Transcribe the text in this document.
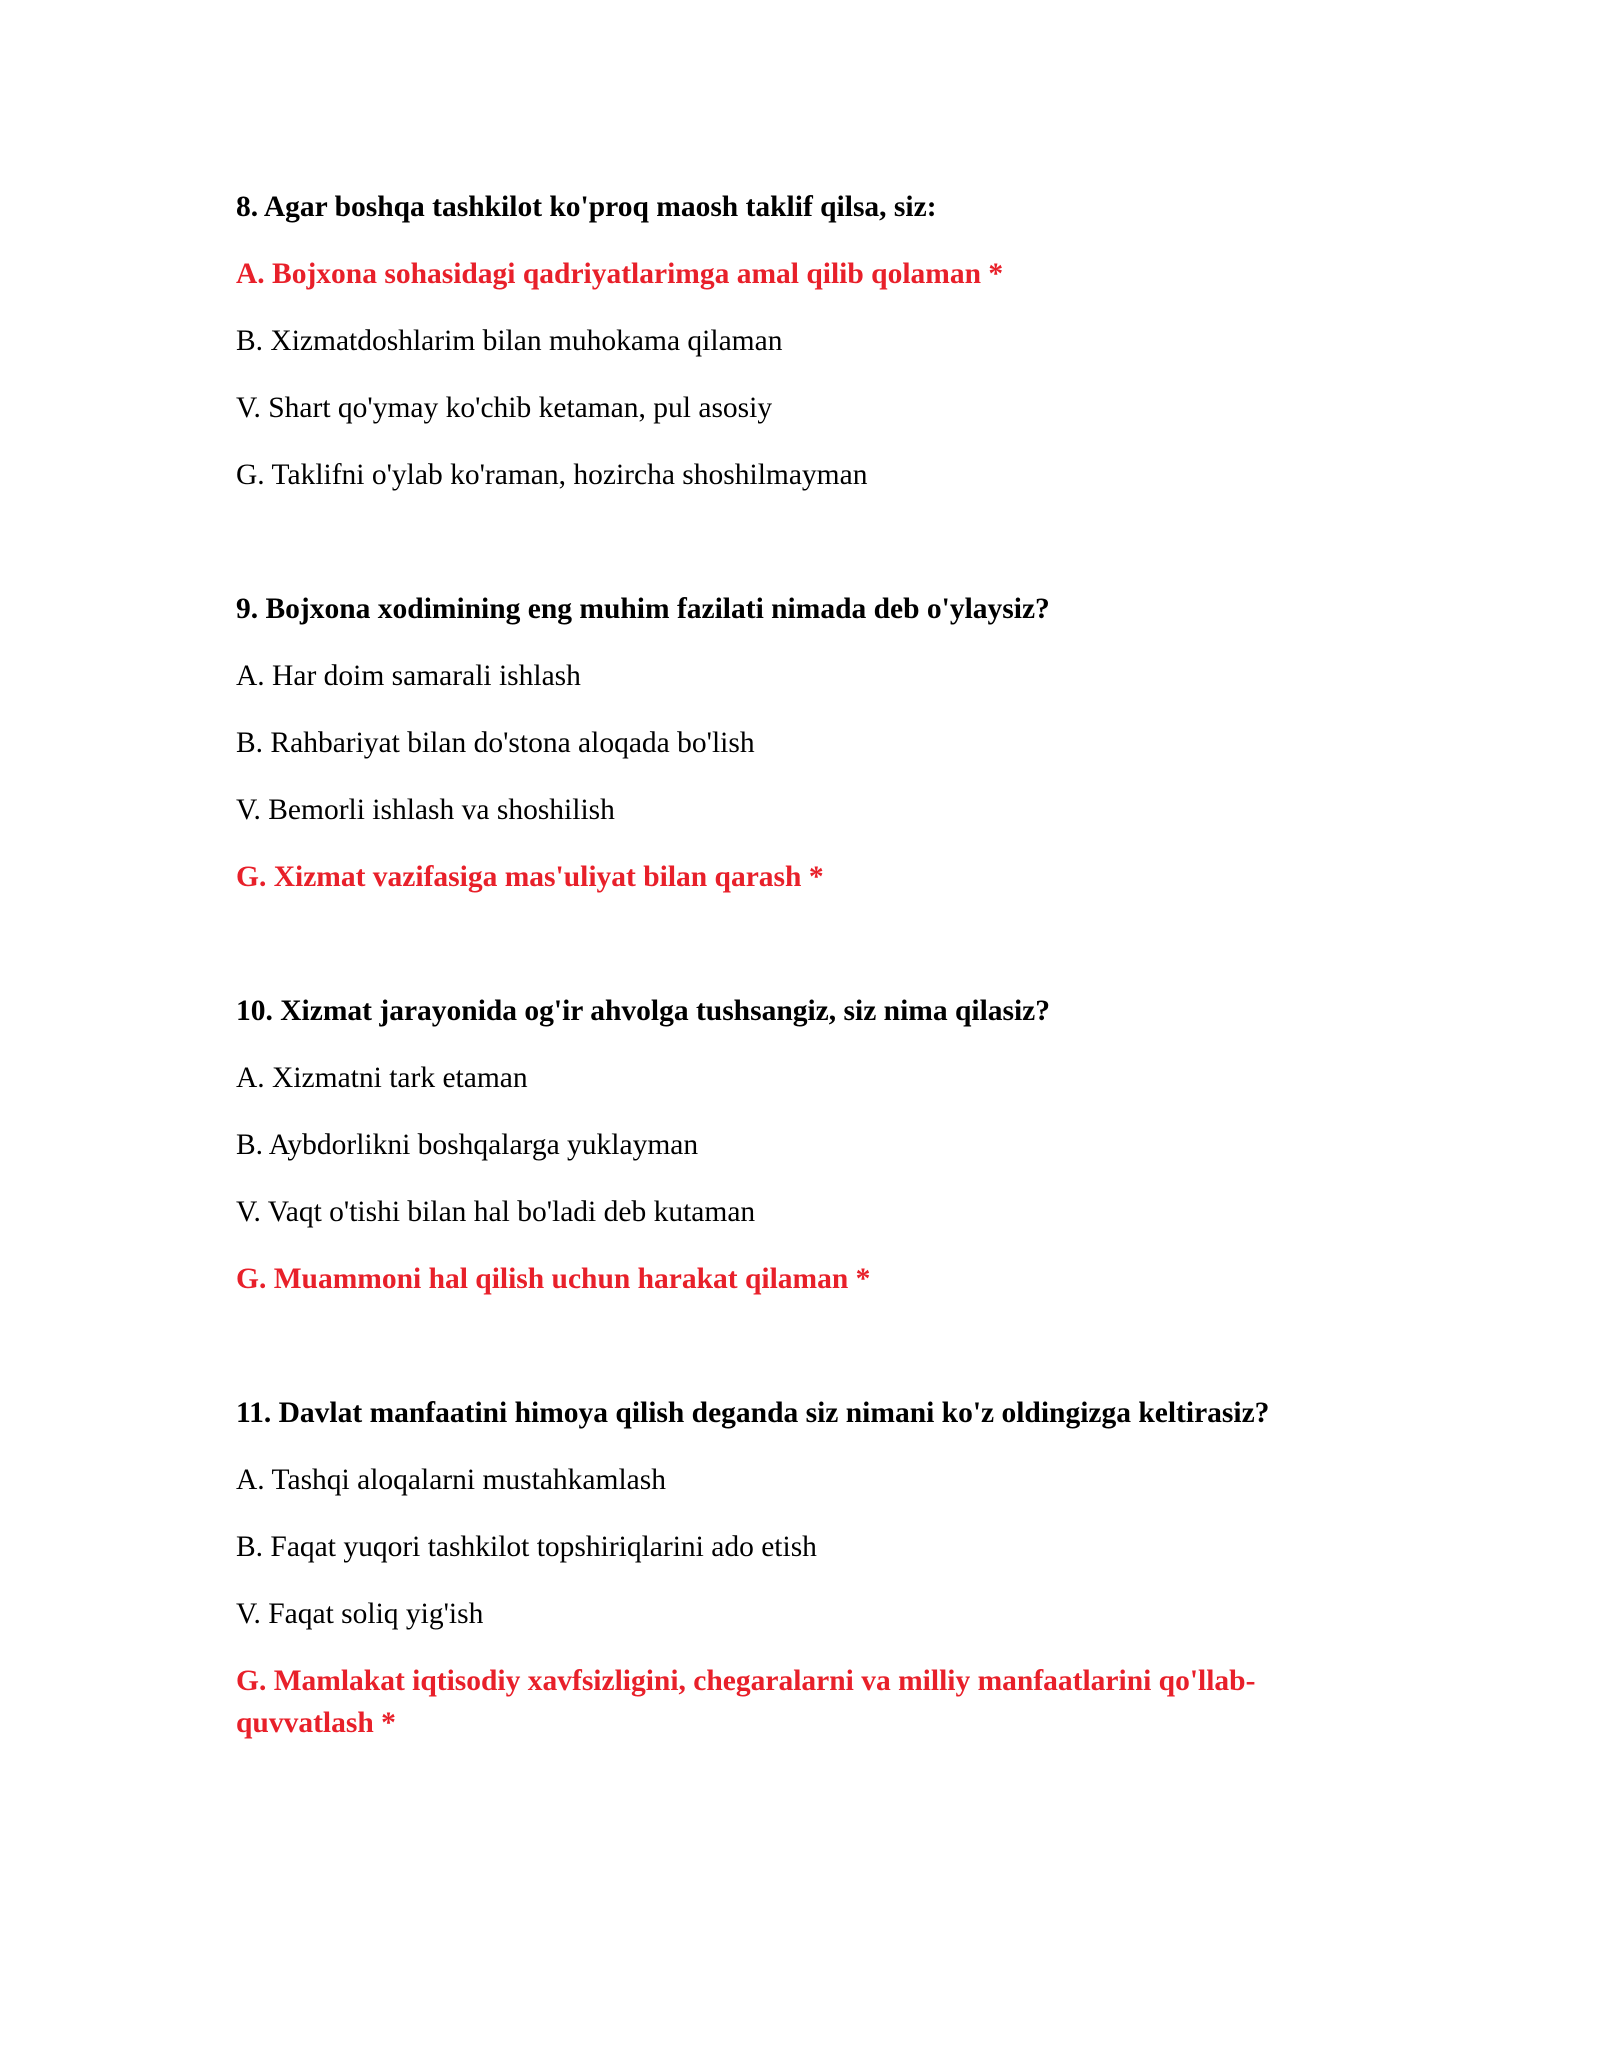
8. Agar boshqa tashkilot ko'proq maosh taklif qilsa, siz:
A. Bojxona sohasidagi qadriyatlarimga amal qilib qolaman *
B. Xizmatdoshlarim bilan muhokama qilaman
V. Shart qo'ymay ko'chib ketaman, pul asosiy
G. Taklifni o'ylab ko'raman, hozircha shoshilmayman
9. Bojxona xodimining eng muhim fazilati nimada deb o'ylaysiz?
A. Har doim samarali ishlash
B. Rahbariyat bilan do'stona aloqada bo'lish
V. Bemorli ishlash va shoshilish
G. Xizmat vazifasiga mas'uliyat bilan qarash *
10. Xizmat jarayonida og'ir ahvolga tushsangiz, siz nima qilasiz?
A. Xizmatni tark etaman
B. Aybdorlikni boshqalarga yuklayman
V. Vaqt o'tishi bilan hal bo'ladi deb kutaman
G. Muammoni hal qilish uchun harakat qilaman *
11. Davlat manfaatini himoya qilish deganda siz nimani ko'z oldingizga keltirasiz?
A. Tashqi aloqalarni mustahkamlash
B. Faqat yuqori tashkilot topshiriqlarini ado etish
V. Faqat soliq yig'ish
G. Mamlakat iqtisodiy xavfsizligini, chegaralarni va milliy manfaatlarini qo'llab-quvvatlash *
